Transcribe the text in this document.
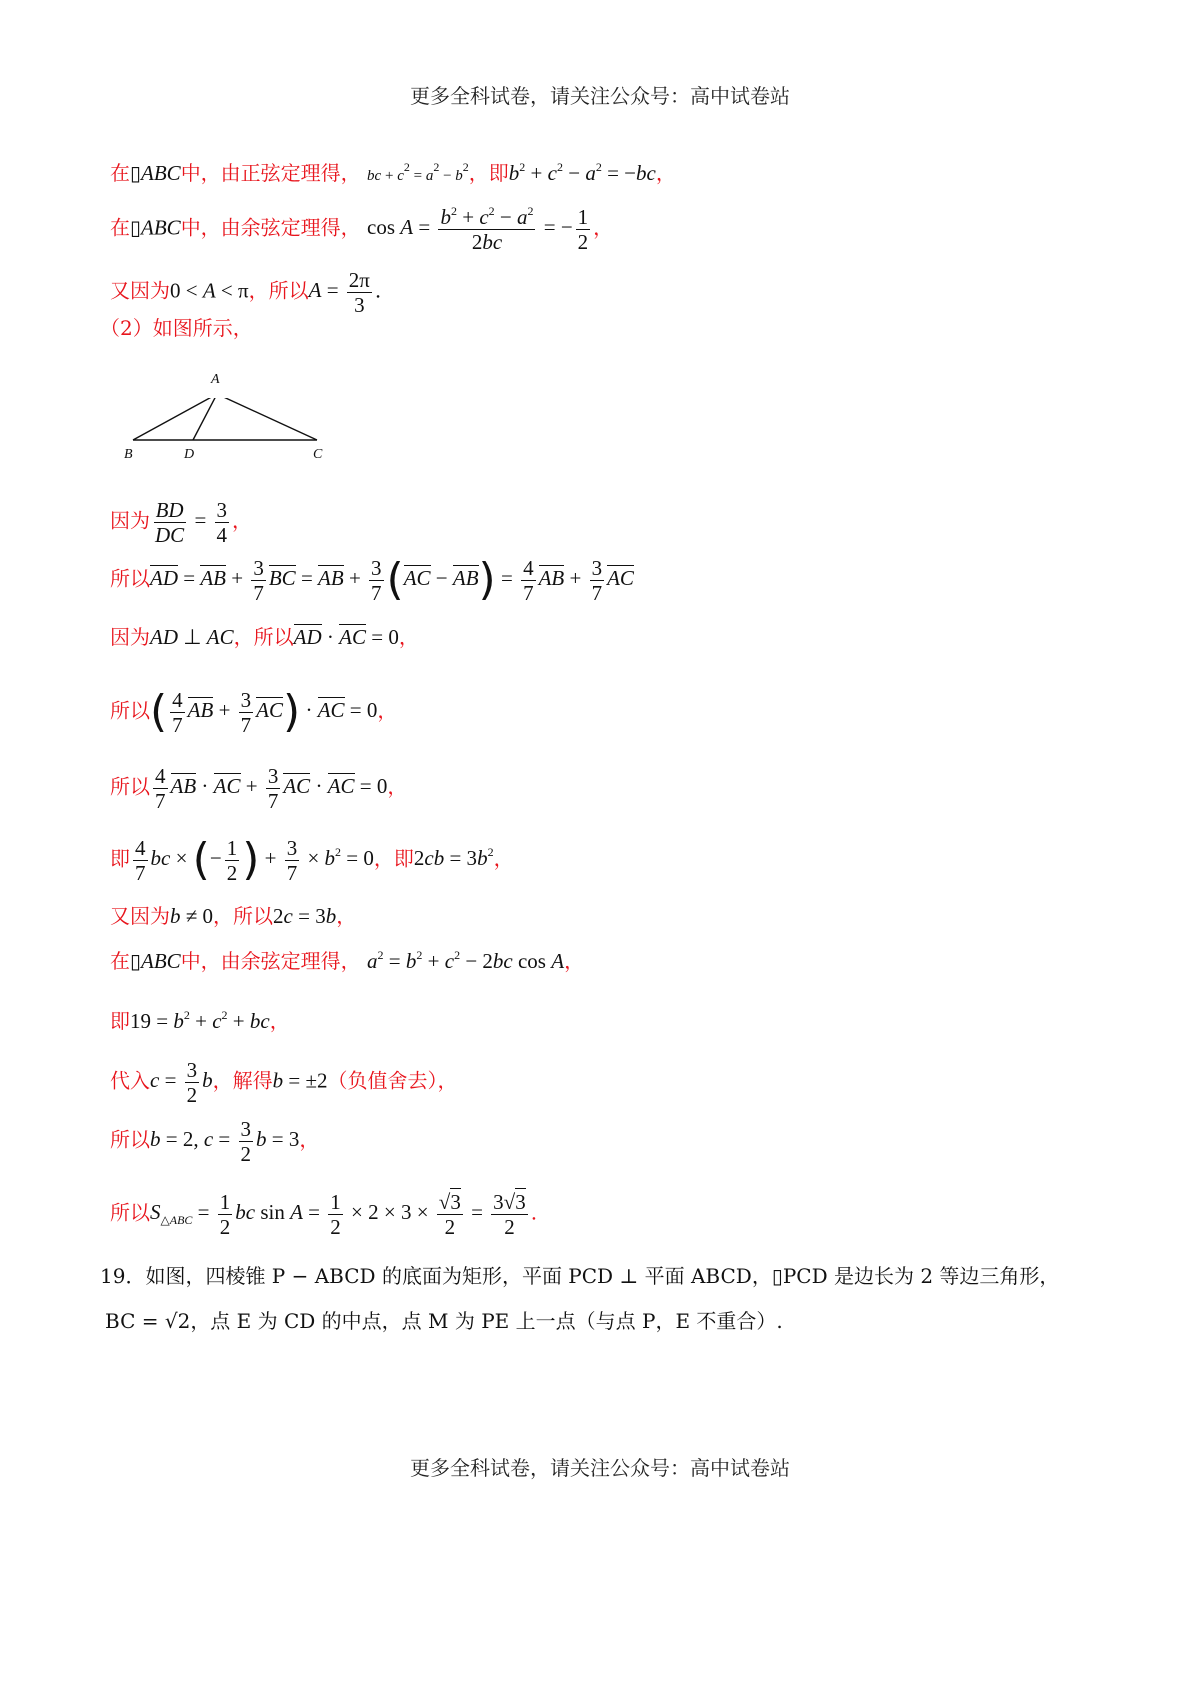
更多全科试卷，请关注公众号：高中试卷站
在▯ABC中，由正弦定理得， bc + $c^2 = a^2 - b^2$，即$b^2 + c^2 - a^2 = -bc$，
在▯ABC中，由余弦定理得， $\cos A = \frac{b^2 + c^2 - a^2}{2bc}$ = − $\frac{1}{2}$ ，
又因为0 < A < π，所以$A = \frac{2\pi}{3}$ .
（2）如图所示，
A
B	D	C
因为 $\frac{BD}{DC} = \frac{3}{4}$ ，
所以AD = AB + $\frac{3}{7}$ BC = AB + $\frac{3}{7} (AC - AB) = \frac{4}{7}$ AB + $\frac{3}{7}$ AC
因为AD ⊥ AC，所以AD · AC = 0，
所以( $\frac{4}{7}$ AB + $\frac{3}{7} AC$) · AC = 0，
所以 $\frac{4}{7}$ AB · AC + $\frac{3}{7}$ AC · AC = 0，
即 $\frac{4}{7}$ bc × (− $\frac{1}{2}$ ) + $\frac{3}{7} \times b^2 = 0$，即$2cb = 3b^2$，
又因为b ≠ 0，所以2c = 3b，
在▯ABC中，由余弦定理得， $a^2 = b^2 + c^2 - 2bc$ cos A，
即$19 = b^2 + c^2$ + bc，
代入$c = \frac{3}{2}$ b，解得b = ±2（负值舍去），
所以b = 2, $c = \frac{3}{2}$ b = 3，
所以$S_{\triangle ABC} = \frac{1}{2}$ bc $\sin A = \frac{1}{2} \times 2 \times 3 \times \frac{√3}{2} = \frac{3√3}{2}$ .
19．如图，四棱锥 P − ABCD 的底面为矩形，平面 PCD ⊥ 平面 ABCD，▯PCD 是边长为 2 等边三角形，
BC = √2，点 E 为 CD 的中点，点 M 为 PE 上一点（与点 P，E 不重合）.
更多全科试卷，请关注公众号：高中试卷站
